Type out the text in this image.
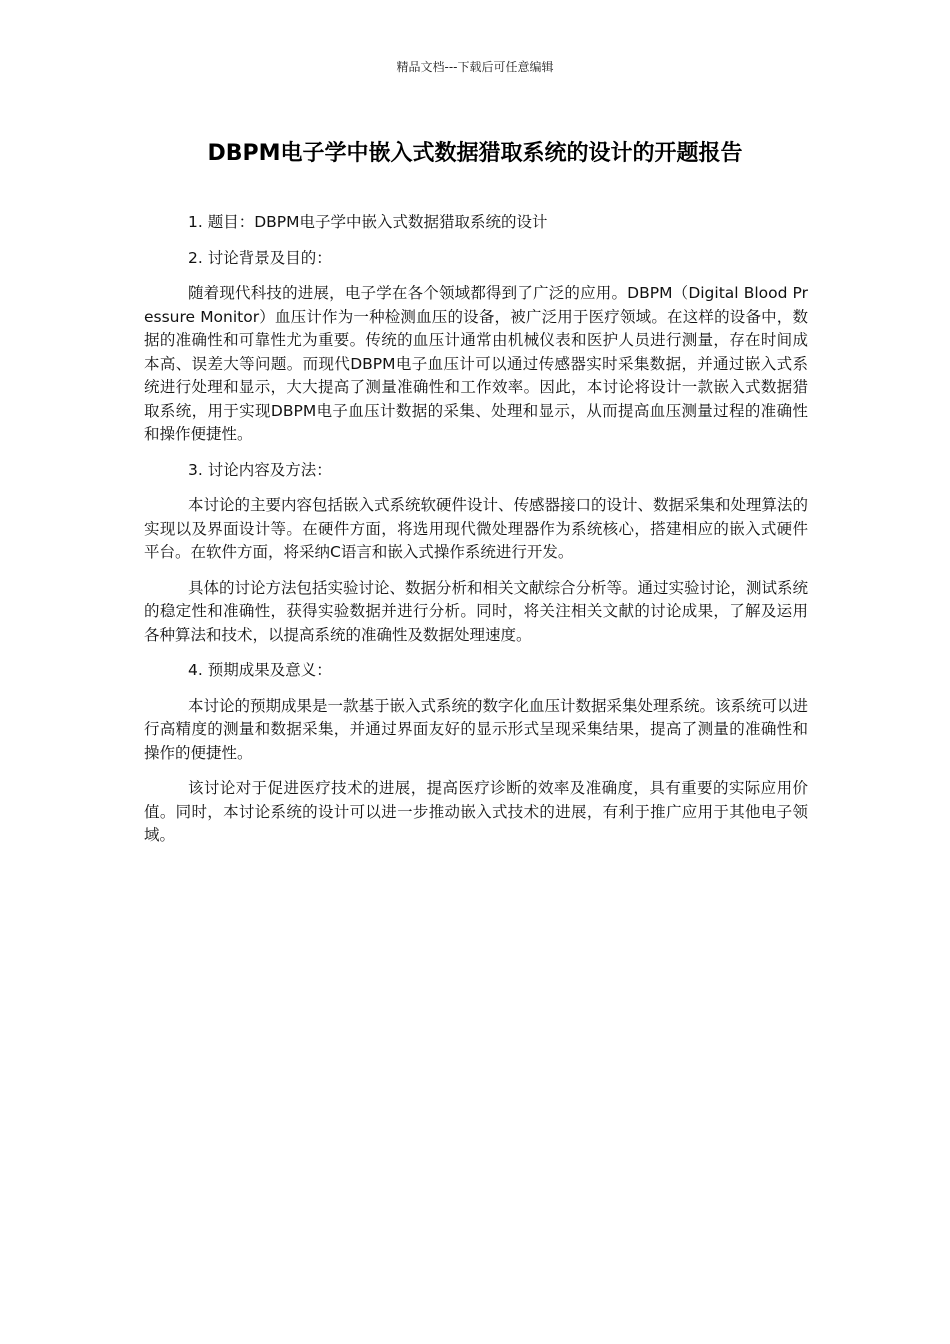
精品文档---下载后可任意编辑
DBPM电子学中嵌入式数据猎取系统的设计的开题报告

1. 题目：DBPM电子学中嵌入式数据猎取系统的设计

2. 讨论背景及目的：

随着现代科技的进展，电子学在各个领域都得到了广泛的应用。DBPM（Digital Blood Pressure Monitor）血压计作为一种检测血压的设备，被广泛用于医疗领域。在这样的设备中，数据的准确性和可靠性尤为重要。传统的血压计通常由机械仪表和医护人员进行测量，存在时间成本高、误差大等问题。而现代DBPM电子血压计可以通过传感器实时采集数据，并通过嵌入式系统进行处理和显示，大大提高了测量准确性和工作效率。因此，本讨论将设计一款嵌入式数据猎取系统，用于实现DBPM电子血压计数据的采集、处理和显示，从而提高血压测量过程的准确性和操作便捷性。

3. 讨论内容及方法：

本讨论的主要内容包括嵌入式系统软硬件设计、传感器接口的设计、数据采集和处理算法的实现以及界面设计等。在硬件方面，将选用现代微处理器作为系统核心，搭建相应的嵌入式硬件平台。在软件方面，将采纳C语言和嵌入式操作系统进行开发。

具体的讨论方法包括实验讨论、数据分析和相关文献综合分析等。通过实验讨论，测试系统的稳定性和准确性，获得实验数据并进行分析。同时，将关注相关文献的讨论成果，了解及运用各种算法和技术，以提高系统的准确性及数据处理速度。

4. 预期成果及意义：

本讨论的预期成果是一款基于嵌入式系统的数字化血压计数据采集处理系统。该系统可以进行高精度的测量和数据采集，并通过界面友好的显示形式呈现采集结果，提高了测量的准确性和操作的便捷性。

该讨论对于促进医疗技术的进展，提高医疗诊断的效率及准确度，具有重要的实际应用价值。同时，本讨论系统的设计可以进一步推动嵌入式技术的进展，有利于推广应用于其他电子领域。
